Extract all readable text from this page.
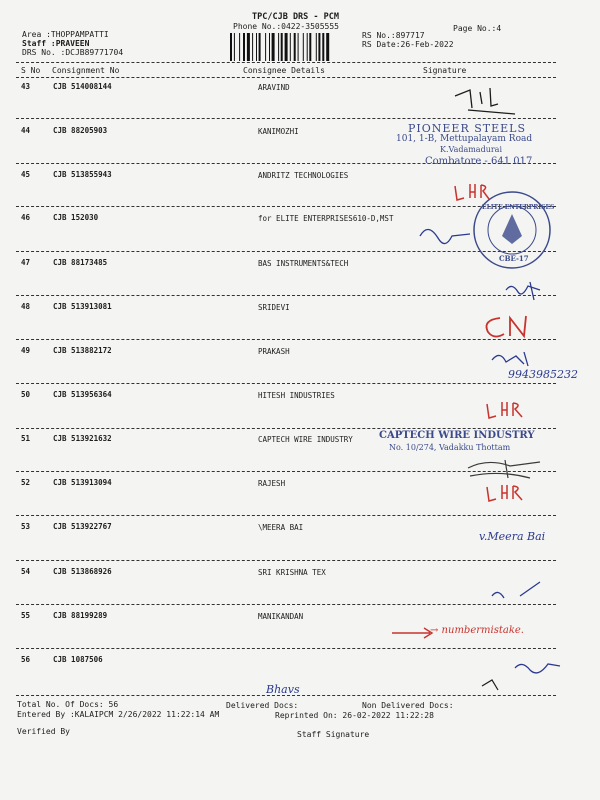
TPC/CJB DRS - PCM
Phone No.:0422-3505555	Page No.:4
Area :THOPPAMPATTI
Staff :PRAVEEN
DRS No. :DCJB89771704
RS No.:897717
RS Date:26-Feb-2022
S No Consignment No	Consignee Details	Signature
43	CJB 514008144	ARAVIND
44	CJB 88205903	KANIMOZHI
45	CJB 513855943	ANDRITZ TECHNOLOGIES
46	CJB 152030	for ELITE ENTERPRISES610-D,MST
47	CJB 88173485	BAS INSTRUMENTS&TECH
48	CJB 513913081	SRIDEVI
49	CJB 513882172	PRAKASH
50	CJB 513956364	HITESH INDUSTRIES
51	CJB 513921632	CAPTECH WIRE INDUSTRY
52	CJB 513913094	RAJESH
53	CJB 513922767	\MEERA BAI
54	CJB 513868926	SRI KRISHNA TEX
55	CJB 88199289	MANIKANDAN
56	CJB 1087506
Total No. Of Docs: 56	Delivered Docs:	Non Delivered Docs:
Entered By :KALAIPCM 2/26/2022 11:22:14 AM	Reprinted On: 26-02-2022 11:22:28
Verified By	Staff Signature
PIONEER STEELS
101, 1-B, Mettupalayam Road
K.Vadamadurai
Combatore - 641 017
ELITE ENTERPRISES
CBE-17
CAPTECH WIRE INDUSTRY
No. 10/274, Vadakku Thottam
9943985232
v.Meera Bai
→ numbermistake.
Bhavs
